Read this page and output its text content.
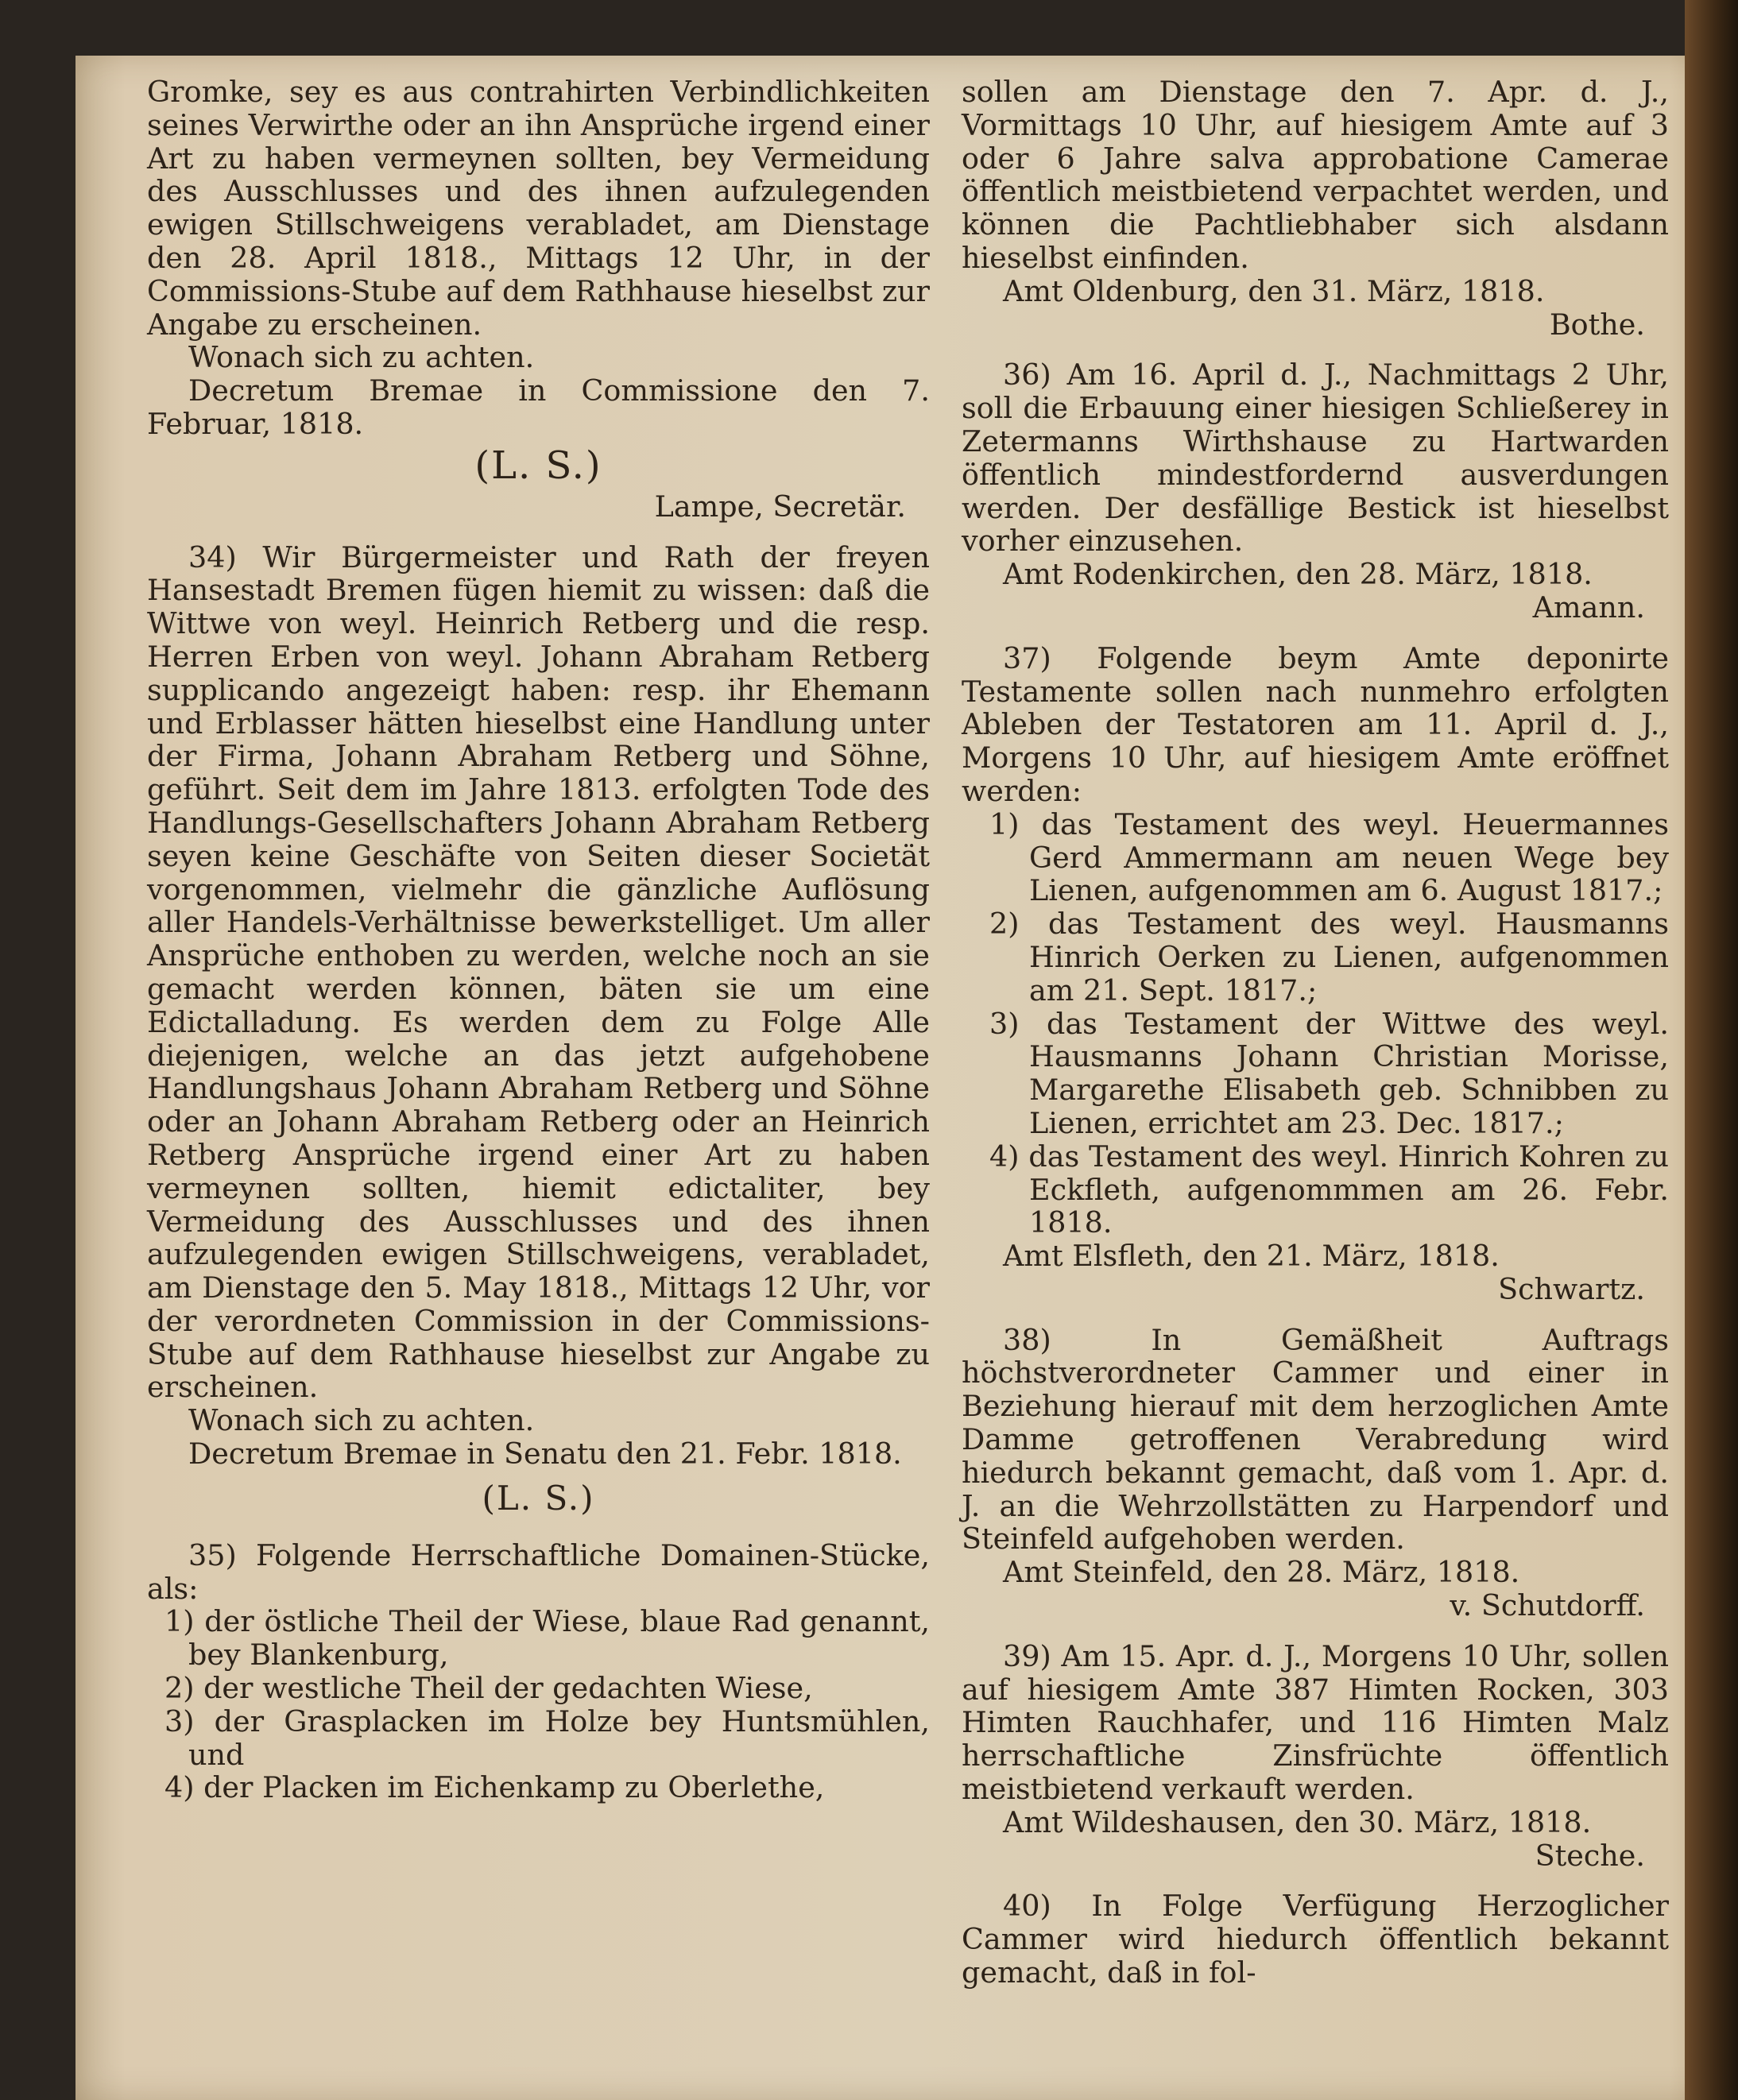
Gromke, sey es aus contrahirten Verbindlichkeiten seines Verwirthe oder an ihn Ansprüche irgend einer Art zu haben vermeynen sollten, bey Vermeidung des Ausschlusses und des ihnen aufzulegenden ewigen Stillschweigens verabladet, am Dienstage den 28. April 1818., Mittags 12 Uhr, in der Commissions-Stube auf dem Rathhause hieselbst zur Angabe zu erscheinen.

Wonach sich zu achten.

Decretum Bremae in Commissione den 7. Februar, 1818.

(L. S.)

Lampe, Secretär.

34) Wir Bürgermeister und Rath der freyen Hansestadt Bremen fügen hiemit zu wissen: daß die Wittwe von weyl. Heinrich Retberg und die resp. Herren Erben von weyl. Johann Abraham Retberg supplicando angezeigt haben: resp. ihr Ehemann und Erblasser hätten hieselbst eine Handlung unter der Firma, Johann Abraham Retberg und Söhne, geführt. Seit dem im Jahre 1813. erfolgten Tode des Handlungs-Gesellschafters Johann Abraham Retberg seyen keine Geschäfte von Seiten dieser Societät vorgenommen, vielmehr die gänzliche Auflösung aller Handels-Verhältnisse bewerkstelliget. Um aller Ansprüche enthoben zu werden, welche noch an sie gemacht werden können, bäten sie um eine Edictalladung. Es werden dem zu Folge Alle diejenigen, welche an das jetzt aufgehobene Handlungshaus Johann Abraham Retberg und Söhne oder an Johann Abraham Retberg oder an Heinrich Retberg Ansprüche irgend einer Art zu haben vermeynen sollten, hiemit edictaliter, bey Vermeidung des Ausschlusses und des ihnen aufzulegenden ewigen Stillschweigens, verabladet, am Dienstage den 5. May 1818., Mittags 12 Uhr, vor der verordneten Commission in der Commissions-Stube auf dem Rathhause hieselbst zur Angabe zu erscheinen.

Wonach sich zu achten.

Decretum Bremae in Senatu den 21. Febr. 1818.

(L. S.)

35) Folgende Herrschaftliche Domainen-Stücke, als:

1) der östliche Theil der Wiese, blaue Rad genannt, bey Blankenburg,

2) der westliche Theil der gedachten Wiese,

3) der Grasplacken im Holze bey Huntsmühlen, und

4) der Placken im Eichenkamp zu Oberlethe,

sollen am Dienstage den 7. Apr. d. J., Vormittags 10 Uhr, auf hiesigem Amte auf 3 oder 6 Jahre salva approbatione Camerae öffentlich meistbietend verpachtet werden, und können die Pachtliebhaber sich alsdann hieselbst einfinden.

Amt Oldenburg, den 31. März, 1818.

Bothe.

36) Am 16. April d. J., Nachmittags 2 Uhr, soll die Erbauung einer hiesigen Schließerey in Zetermanns Wirthshause zu Hartwarden öffentlich mindestfordernd ausverdungen werden. Der desfällige Bestick ist hieselbst vorher einzusehen.

Amt Rodenkirchen, den 28. März, 1818.

Amann.

37) Folgende beym Amte deponirte Testamente sollen nach nunmehro erfolgten Ableben der Testatoren am 11. April d. J., Morgens 10 Uhr, auf hiesigem Amte eröffnet werden:

1) das Testament des weyl. Heuermannes Gerd Ammermann am neuen Wege bey Lienen, aufgenommen am 6. August 1817.;

2) das Testament des weyl. Hausmanns Hinrich Oerken zu Lienen, aufgenommen am 21. Sept. 1817.;

3) das Testament der Wittwe des weyl. Hausmanns Johann Christian Morisse, Margarethe Elisabeth geb. Schnibben zu Lienen, errichtet am 23. Dec. 1817.;

4) das Testament des weyl. Hinrich Kohren zu Eckfleth, aufgenommmen am 26. Febr. 1818.

Amt Elsfleth, den 21. März, 1818.

Schwartz.

38) In Gemäßheit Auftrags höchstverordneter Cammer und einer in Beziehung hierauf mit dem herzoglichen Amte Damme getroffenen Verabredung wird hiedurch bekannt gemacht, daß vom 1. Apr. d. J. an die Wehrzollstätten zu Harpendorf und Steinfeld aufgehoben werden.

Amt Steinfeld, den 28. März, 1818.

v. Schutdorff.

39) Am 15. Apr. d. J., Morgens 10 Uhr, sollen auf hiesigem Amte 387 Himten Rocken, 303 Himten Rauchhafer, und 116 Himten Malz herrschaftliche Zinsfrüchte öffentlich meistbietend verkauft werden.

Amt Wildeshausen, den 30. März, 1818.

Steche.

40) In Folge Verfügung Herzoglicher Cammer wird hiedurch öffentlich bekannt gemacht, daß in fol-
